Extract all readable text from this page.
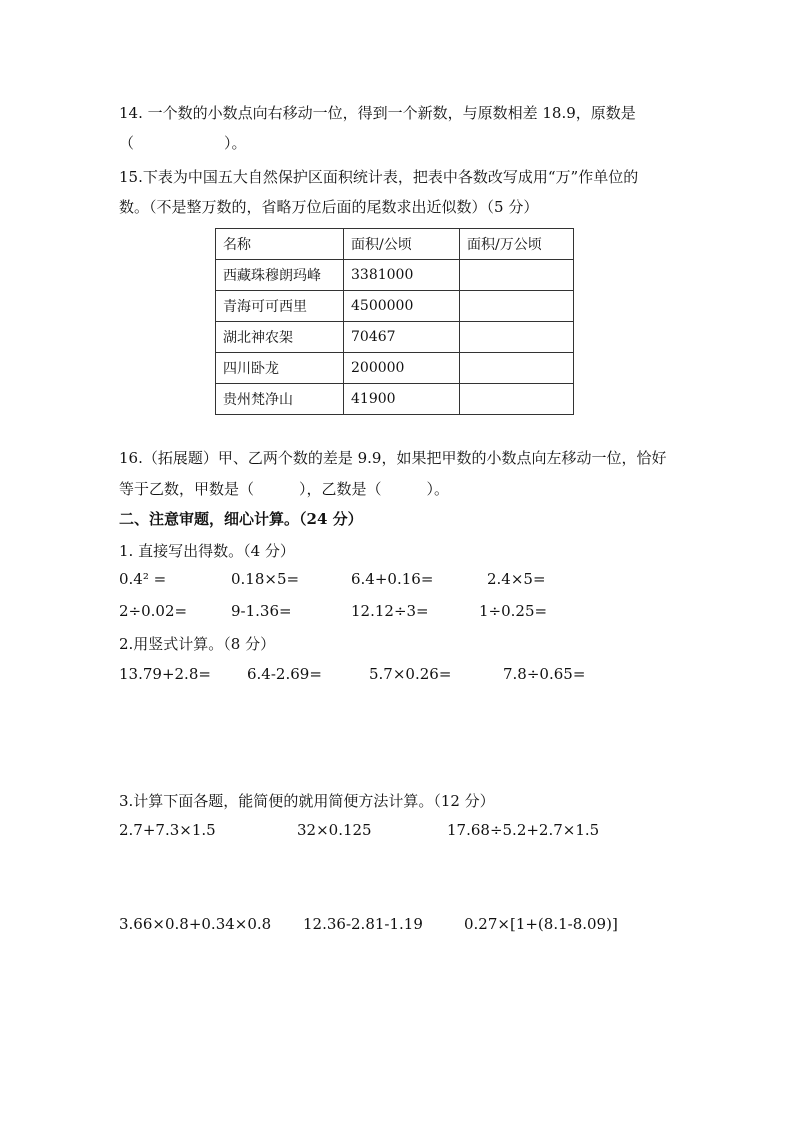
14. 一个数的小数点向右移动一位，得到一个新数，与原数相差 18.9，原数是
（　　　　　　）。
15.下表为中国五大自然保护区面积统计表，把表中各数改写成用“万”作单位的
数。（不是整万数的，省略万位后面的尾数求出近似数）（5 分）
名称	面积/公顷	面积/万公顷
西藏珠穆朗玛峰	3381000	
青海可可西里	4500000	
湖北神农架	70467	
四川卧龙	200000	
贵州梵净山	41900	
16.（拓展题）甲、乙两个数的差是 9.9，如果把甲数的小数点向左移动一位，恰好
等于乙数，甲数是（　　　），乙数是（　　　）。
二、注意审题，细心计算。（24 分）
1. 直接写出得数。（4 分）
0.4² =	0.18×5=	6.4+0.16=	2.4×5=
2÷0.02=	9-1.36=	12.12÷3=	1÷0.25=
2.用竖式计算。（8 分）
13.79+2.8= 6.4-2.69=	5.7×0.26=	7.8÷0.65=
3.计算下面各题，能简便的就用简便方法计算。（12 分）
2.7+7.3×1.5	32×0.125	17.68÷5.2+2.7×1.5
3.66×0.8+0.34×0.8 12.36-2.81-1.19	0.27×[1+(8.1-8.09)]
